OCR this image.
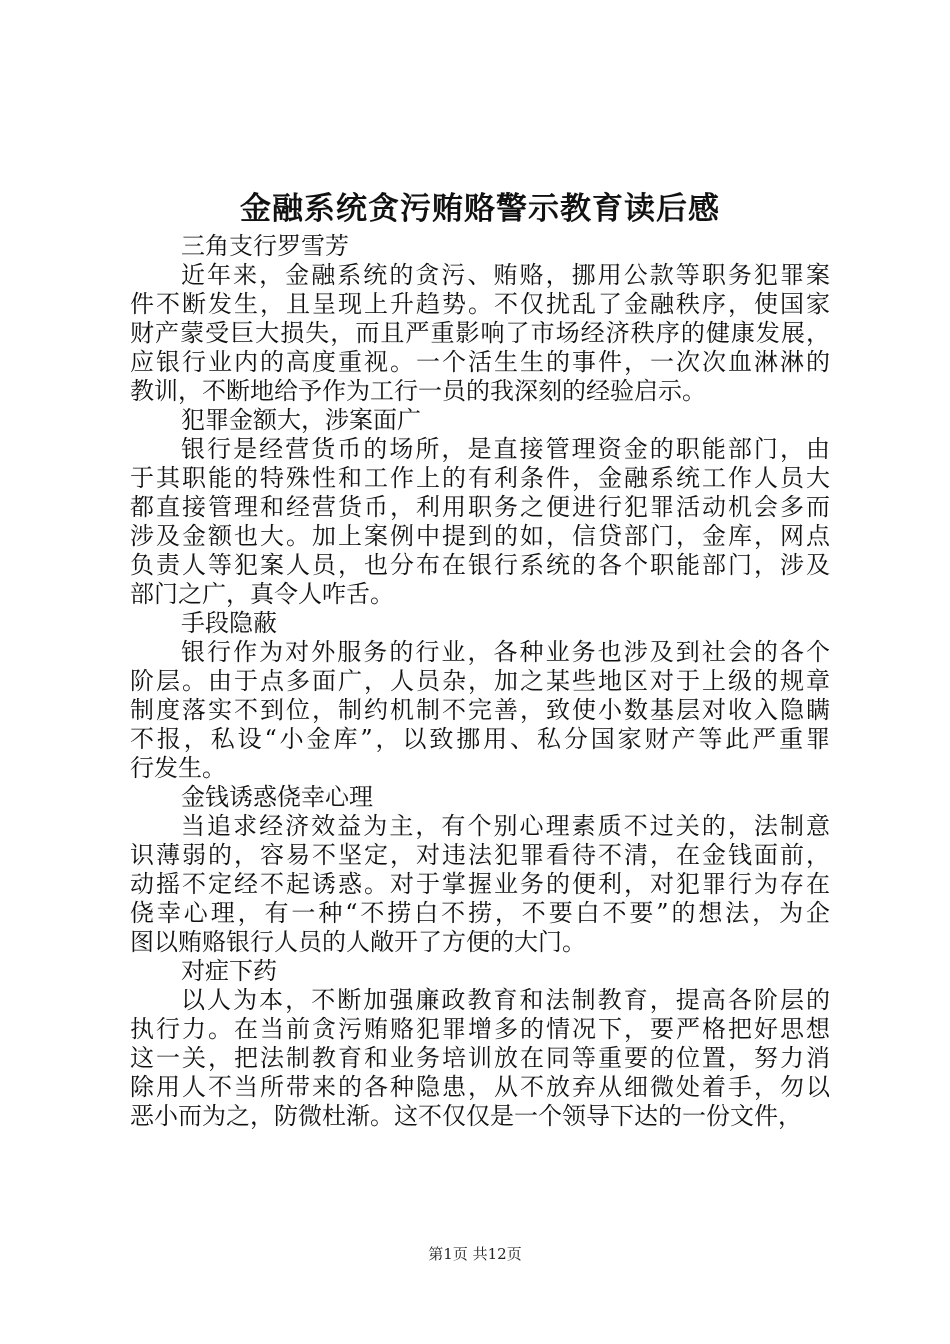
金融系统贪污贿赂警示教育读后感

三角支行罗雪芳

近年来，金融系统的贪污、贿赂，挪用公款等职务犯罪案

件不断发生，且呈现上升趋势。不仅扰乱了金融秩序，使国家

财产蒙受巨大损失，而且严重影响了市场经济秩序的健康发展，

应银行业内的高度重视。一个活生生的事件，一次次血淋淋的

教训，不断地给予作为工行一员的我深刻的经验启示。

犯罪金额大，涉案面广

银行是经营货币的场所，是直接管理资金的职能部门，由

于其职能的特殊性和工作上的有利条件，金融系统工作人员大

都直接管理和经营货币，利用职务之便进行犯罪活动机会多而

涉及金额也大。加上案例中提到的如，信贷部门，金库，网点

负责人等犯案人员，也分布在银行系统的各个职能部门，涉及

部门之广，真令人咋舌。

手段隐蔽

银行作为对外服务的行业，各种业务也涉及到社会的各个

阶层。由于点多面广，人员杂，加之某些地区对于上级的规章

制度落实不到位，制约机制不完善，致使小数基层对收入隐瞒

不报，私设“小金库”，以致挪用、私分国家财产等此严重罪

行发生。

金钱诱惑侥幸心理

当追求经济效益为主，有个别心理素质不过关的，法制意

识薄弱的，容易不坚定，对违法犯罪看待不清，在金钱面前，

动摇不定经不起诱惑。对于掌握业务的便利，对犯罪行为存在

侥幸心理，有一种“不捞白不捞，不要白不要”的想法，为企

图以贿赂银行人员的人敞开了方便的大门。

对症下药

以人为本，不断加强廉政教育和法制教育，提高各阶层的

执行力。在当前贪污贿赂犯罪增多的情况下，要严格把好思想

这一关，把法制教育和业务培训放在同等重要的位置，努力消

除用人不当所带来的各种隐患，从不放弃从细微处着手，勿以

恶小而为之，防微杜渐。这不仅仅是一个领导下达的一份文件，

第1页 共12页
